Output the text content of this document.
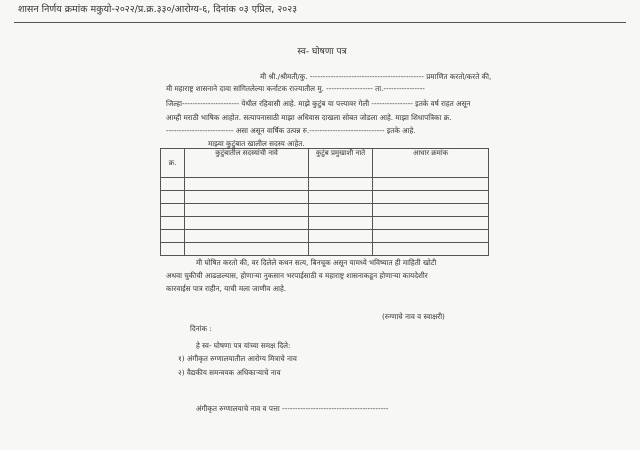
शासन निर्णय क्रमांक मकुयो-२०२२/प्र.क्र.३३०/आरोग्य-६, दिनांक ०३ एप्रिल, २०२३
स्व- घोषणा पत्र
मी श्री./श्रीमती/कु. -------------------------------------------- प्रमाणित करतो/करते की,
मी महाराष्ट्र शासनाने दावा सांगितलेल्या कर्नाटक राज्यातील मु. ------------------ ता.----------------
जिल्हा---------------------- येथील रहिवासी आहे. माझे कुटुंब या पत्त्यावर गेली ---------------- इतके वर्ष राहत असून
आम्ही मराठी भाषिक आहोत. सत्यापनासाठी माझा अधिवास दाखला सोबत जोडला आहे. माझा शिधापत्रिका क्र.
-------------------------- असा असून वार्षिक उत्पन्न रु.----------------------------- इतके आहे.
माझ्या कुटुंबात खालील सदस्य आहेत.
क्र.	कुटुंबातील सदस्यांची नावे	कुटुंब प्रमुखाशी नाते	आधार क्रमांक

मी घोषित करतो की, वर दिलेले कथन सत्य, बिनचूक असून यामध्ये भविष्यात ही माहिती खोटी
अथवा चुकीची आढळल्यास, होणाऱ्या नुकसान भरपाईसाठी व महाराष्ट्र शासनाकडून होणाऱ्या कायदेशीर
कारवाईस पात्र राहीन, याची मला जाणीव आहे.
(रुग्णाचे नाव व स्वाक्षरी)
दिनांक :
हे स्व- घोषणा पत्र यांच्या समक्ष दिले:
१) अंगीकृत रुग्णालयातील आरोग्य मित्राचे नाव
२) वैद्यकीय समन्वयक अधिकाऱ्याचे नाव
अंगीकृत रुग्णालयाचे नाव व पत्ता -----------------------------------------
